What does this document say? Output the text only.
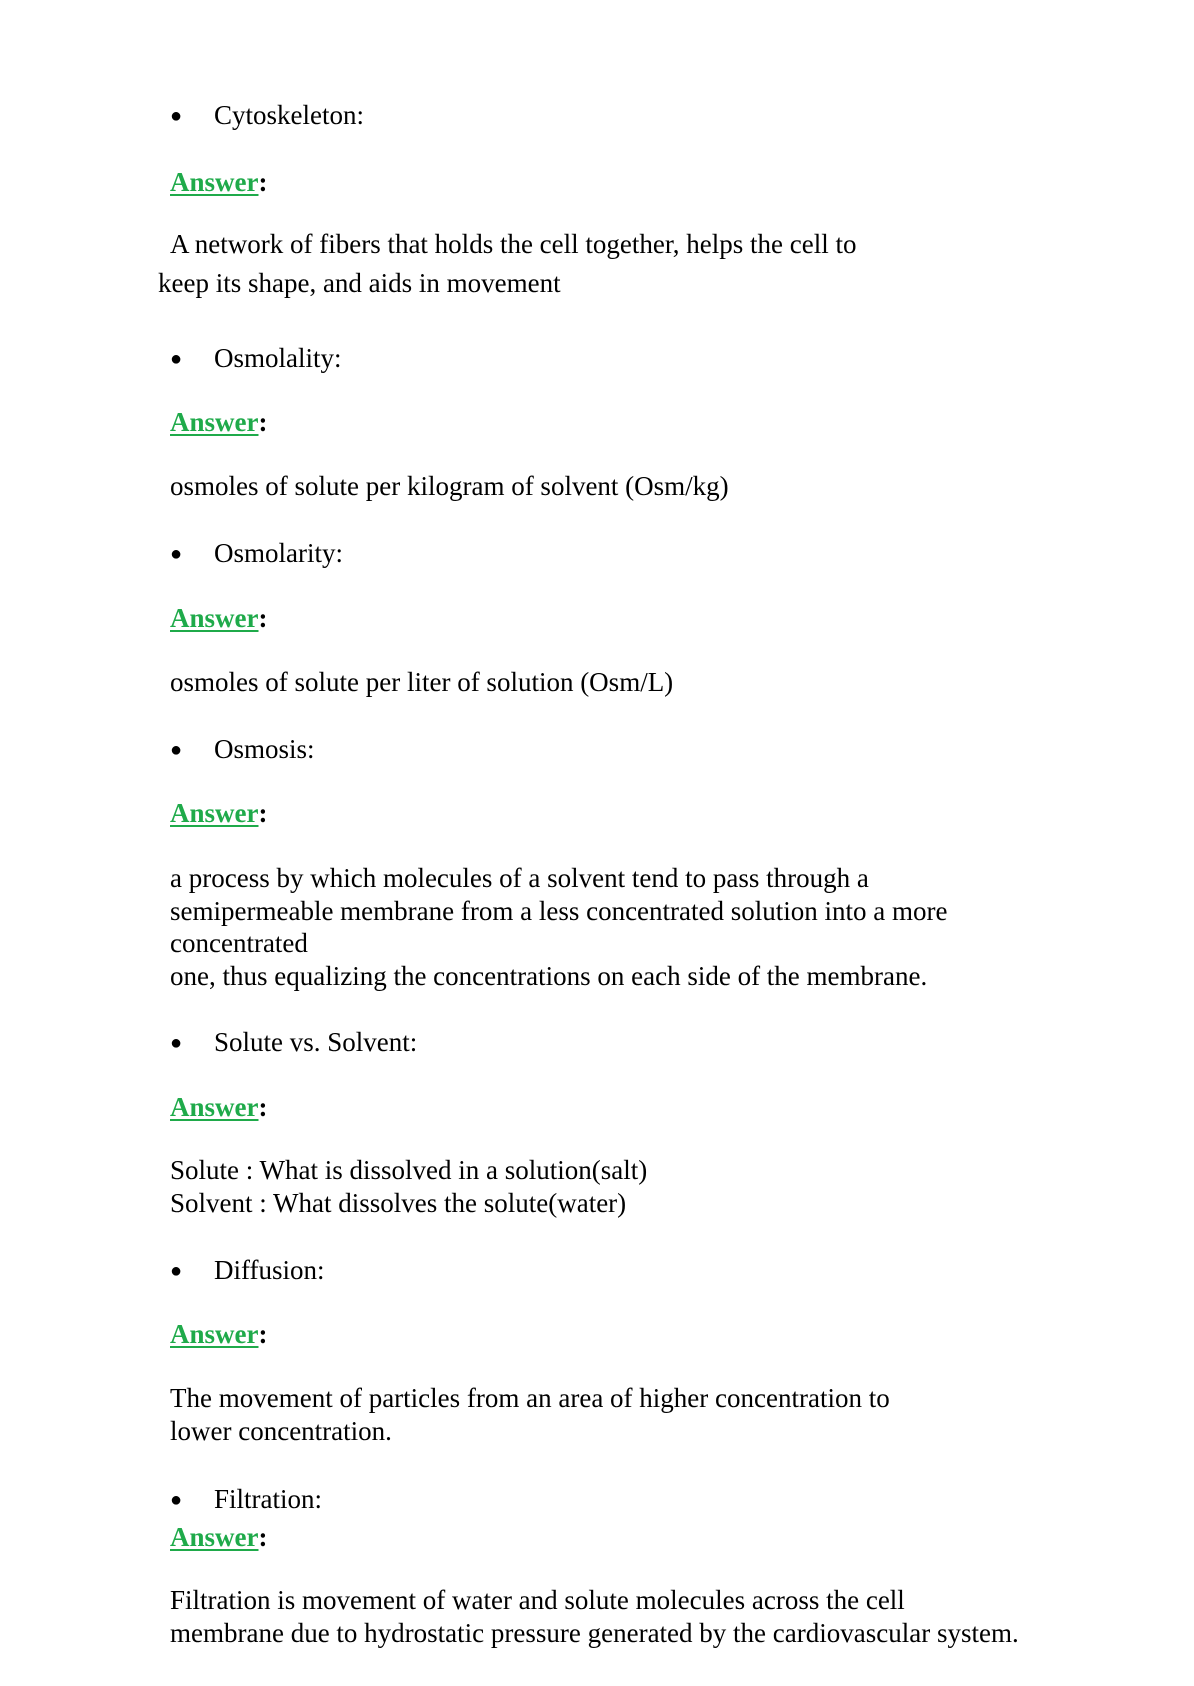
● Cytoskeleton:
Answer:
A network of fibers that holds the cell together, helps the cell to
keep its shape, and aids in movement
● Osmolality:
Answer:
osmoles of solute per kilogram of solvent (Osm/kg)
● Osmolarity:
Answer:
osmoles of solute per liter of solution (Osm/L)
● Osmosis:
Answer:
a process by which molecules of a solvent tend to pass through a
semipermeable membrane from a less concentrated solution into a more
concentrated
one, thus equalizing the concentrations on each side of the membrane.
● Solute vs. Solvent:
Answer:
Solute : What is dissolved in a solution(salt)
Solvent : What dissolves the solute(water)
● Diffusion:
Answer:
The movement of particles from an area of higher concentration to
lower concentration.
● Filtration:
Answer:
Filtration is movement of water and solute molecules across the cell
membrane due to hydrostatic pressure generated by the cardiovascular system.
